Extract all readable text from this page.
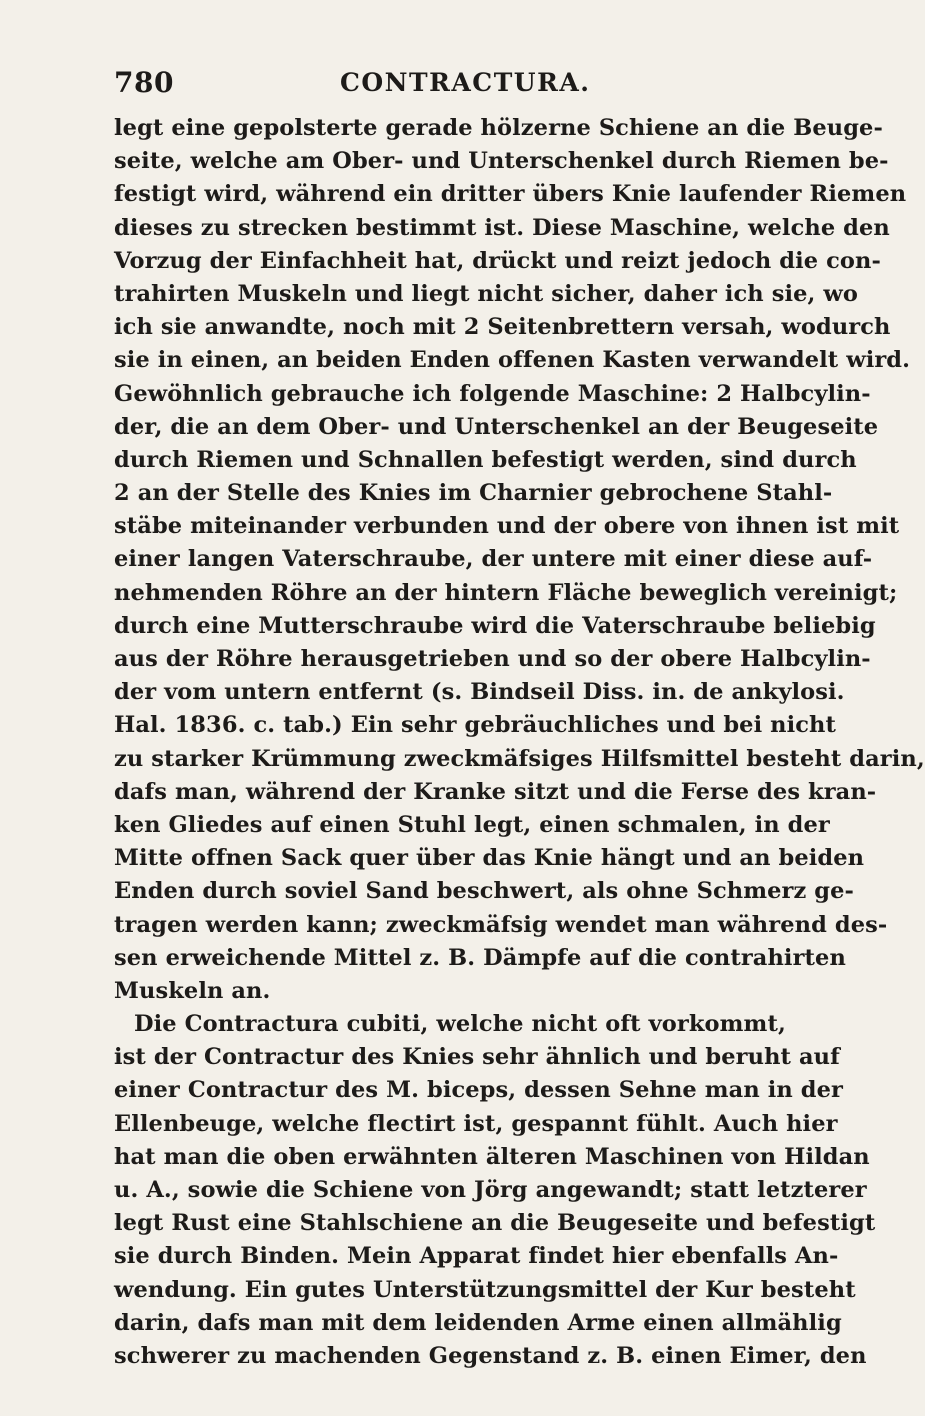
780	CONTRACTURA.
legt eine gepolsterte gerade hölzerne Schiene an die Beuge-
seite, welche am Ober- und Unterschenkel durch Riemen be-
festigt wird, während ein dritter übers Knie laufender Riemen
dieses zu strecken bestimmt ist. Diese Maschine, welche den
Vorzug der Einfachheit hat, drückt und reizt jedoch die con-
trahirten Muskeln und liegt nicht sicher, daher ich sie, wo
ich sie anwandte, noch mit 2 Seitenbrettern versah, wodurch
sie in einen, an beiden Enden offenen Kasten verwandelt wird.
Gewöhnlich gebrauche ich folgende Maschine: 2 Halbcylin-
der, die an dem Ober- und Unterschenkel an der Beugeseite
durch Riemen und Schnallen befestigt werden, sind durch
2 an der Stelle des Knies im Charnier gebrochene Stahl-
stäbe miteinander verbunden und der obere von ihnen ist mit
einer langen Vaterschraube, der untere mit einer diese auf-
nehmenden Röhre an der hintern Fläche beweglich vereinigt;
durch eine Mutterschraube wird die Vaterschraube beliebig
aus der Röhre herausgetrieben und so der obere Halbcylin-
der vom untern entfernt (s. Bindseil Diss. in. de ankylosi.
Hal. 1836. c. tab.) Ein sehr gebräuchliches und bei nicht
zu starker Krümmung zweckmäfsiges Hilfsmittel besteht darin,
dafs man, während der Kranke sitzt und die Ferse des kran-
ken Gliedes auf einen Stuhl legt, einen schmalen, in der
Mitte offnen Sack quer über das Knie hängt und an beiden
Enden durch soviel Sand beschwert, als ohne Schmerz ge-
tragen werden kann; zweckmäfsig wendet man während des-
sen erweichende Mittel z. B. Dämpfe auf die contrahirten
Muskeln an.
Die Contractura cubiti, welche nicht oft vorkommt,
ist der Contractur des Knies sehr ähnlich und beruht auf
einer Contractur des M. biceps, dessen Sehne man in der
Ellenbeuge, welche flectirt ist, gespannt fühlt. Auch hier
hat man die oben erwähnten älteren Maschinen von Hildan
u. A., sowie die Schiene von Jörg angewandt; statt letzterer
legt Rust eine Stahlschiene an die Beugeseite und befestigt
sie durch Binden. Mein Apparat findet hier ebenfalls An-
wendung. Ein gutes Unterstützungsmittel der Kur besteht
darin, dafs man mit dem leidenden Arme einen allmählig
schwerer zu machenden Gegenstand z. B. einen Eimer, den
